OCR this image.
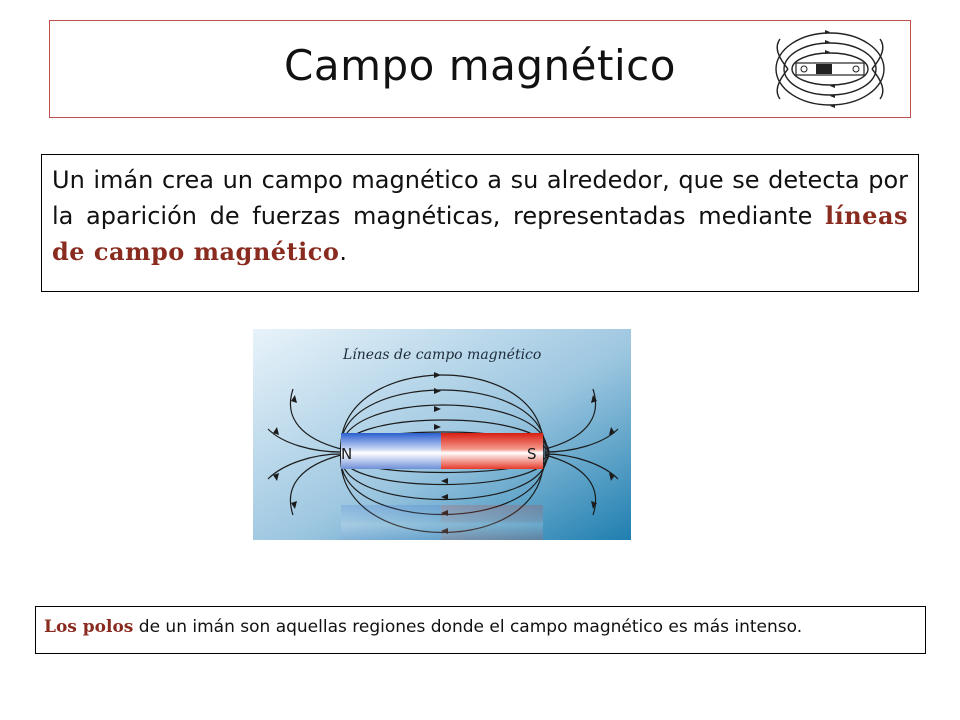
Campo magnético
Un imán crea un campo magnético a su alrededor, que se detecta por la aparición de fuerzas magnéticas, representadas mediante líneas de campo magnético.
Líneas de campo magnético
N	S
Los polos de un imán son aquellas regiones donde el campo magnético es más intenso.
